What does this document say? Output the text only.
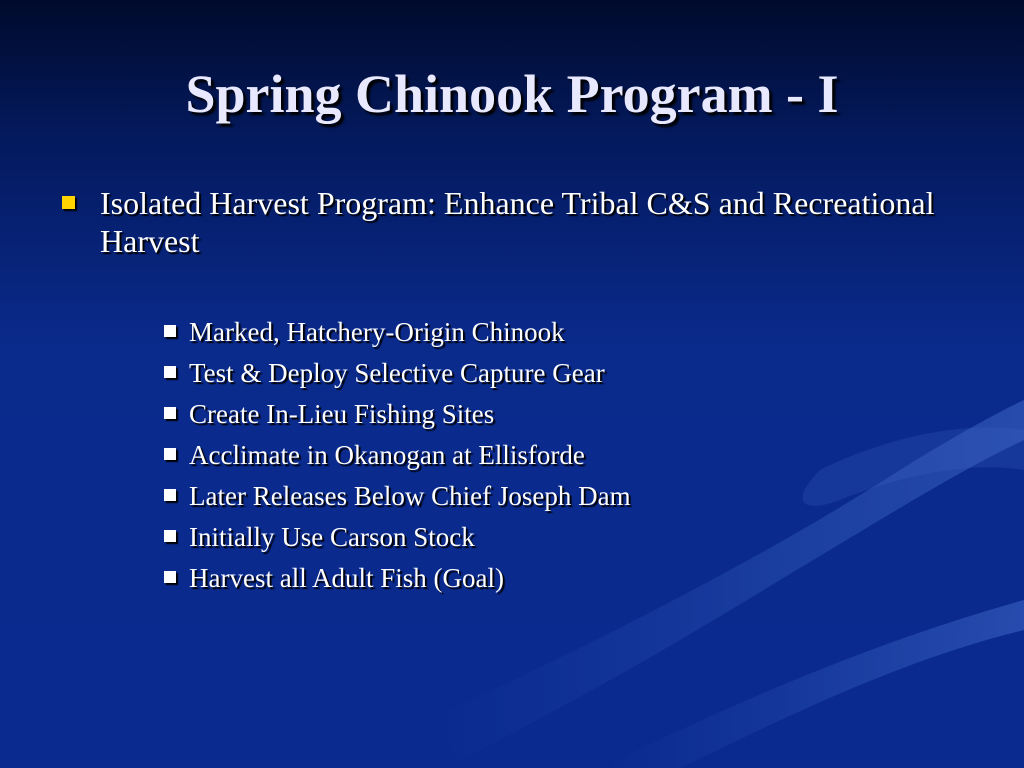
Spring Chinook Program - I
Isolated Harvest Program: Enhance Tribal C&S and Recreational Harvest
Marked, Hatchery-Origin Chinook
Test & Deploy Selective Capture Gear
Create In-Lieu Fishing Sites
Acclimate in Okanogan at Ellisforde
Later Releases Below Chief Joseph Dam
Initially Use Carson Stock
Harvest all Adult Fish (Goal)
